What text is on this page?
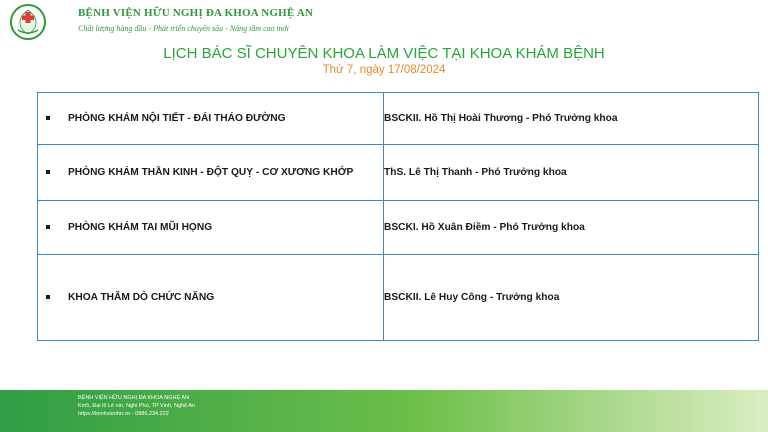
BỆNH VIỆN HỮU NGHỊ ĐA KHOA NGHỆ AN
Chất lượng hàng đầu - Phát triển chuyên sâu - Nâng tầm cao mới
LỊCH BÁC SĨ CHUYÊN KHOA LÀM VIỆC TẠI KHOA KHÁM BỆNH
Thứ 7, ngày 17/08/2024
PHÒNG KHÁM NỘI TIẾT - ĐÁI THÁO ĐƯỜNG	BSCKII. Hồ Thị Hoài Thương - Phó Trưởng khoa
PHÒNG KHÁM THẦN KINH - ĐỘT QUỴ - CƠ XƯƠNG KHỚP	ThS. Lê Thị Thanh - Phó Trưởng khoa
PHÒNG KHÁM TAI MŨI HỌNG	BSCKI. Hồ Xuân Điềm - Phó Trưởng khoa
KHOA THĂM DÒ CHỨC NĂNG	BSCKII. Lê Huy Công - Trưởng khoa
BỆNH VIỆN HỮU NGHỊ ĐA KHOA NGHỆ AN
Km5, Đại lộ Lê nin, Nghi Phú, TP Vinh, Nghệ An
https://benhvienhn.vn - 0886.234.222
